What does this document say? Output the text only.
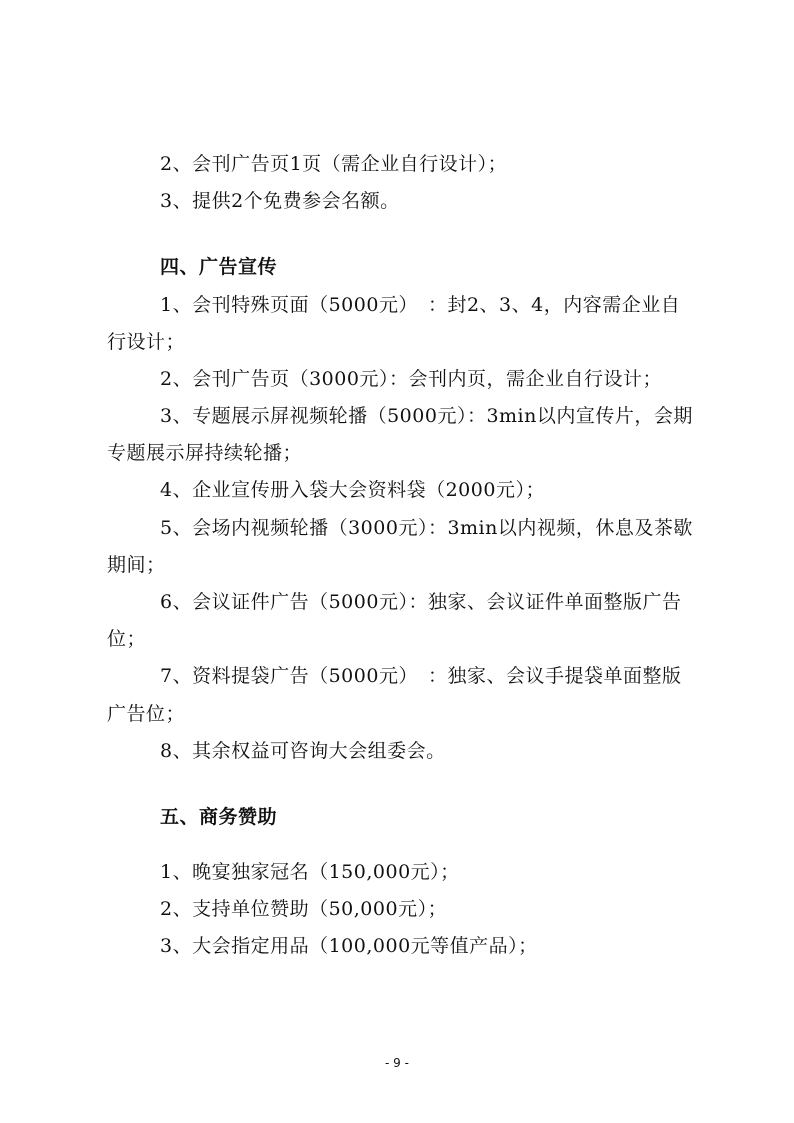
2、会刊广告页1页（需企业自行设计）；
3、提供2个免费参会名额。
四、广告宣传
1、会刊特殊页面（5000元）　：封2、3、4，内容需企业自
行设计；
2、会刊广告页（3000元）：会刊内页，需企业自行设计；
3、专题展示屏视频轮播（5000元）：3min以内宣传片，会期
专题展示屏持续轮播；
4、企业宣传册入袋大会资料袋（2000元）；
5、会场内视频轮播（3000元）：3min以内视频，休息及茶歇
期间；
6、会议证件广告（5000元）：独家、会议证件单面整版广告
位；
7、资料提袋广告（5000元）　：独家、会议手提袋单面整版
广告位；
8、其余权益可咨询大会组委会。
五、商务赞助
1、晚宴独家冠名（150,000元）；
2、支持单位赞助（50,000元）；
3、大会指定用品（100,000元等值产品）；
- 9 -
